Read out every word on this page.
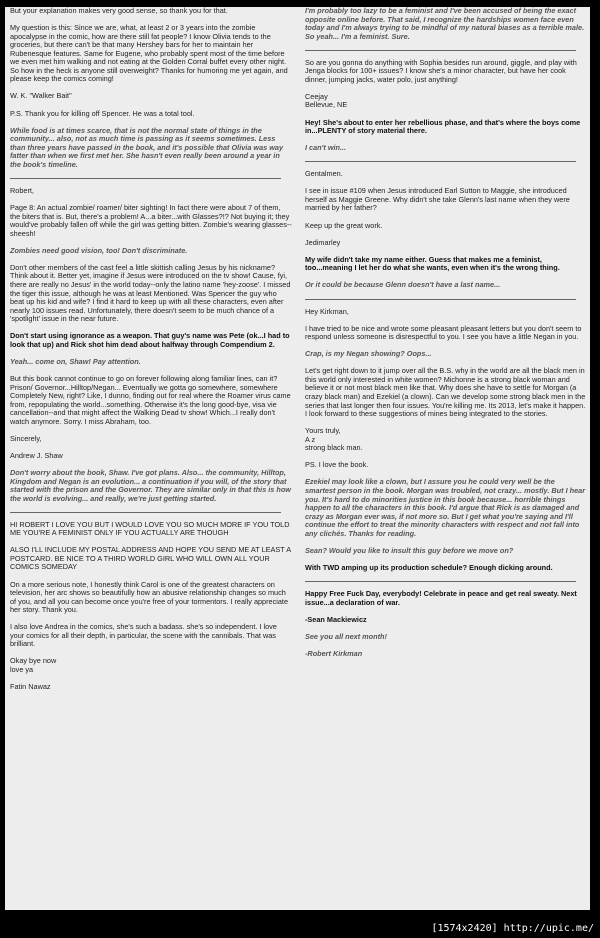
But your explanation makes very good sense, so thank you for that.
My question is this: Since we are, what, at least 2 or 3 years into the zombie apocalypse in the comic, how are there still fat people? I know Olivia tends to the groceries, but there can't be that many Hershey bars for her to maintain her Rubenesque features. Same for Eugene, who probably spent most of the time before we even met him walking and not eating at the Golden Corral buffet every other night. So how in the heck is anyone still overweight? Thanks for humoring me yet again, and please keep the comics coming!
W. K. "Walker Bait"
P.S. Thank you for killing off Spencer. He was a total tool.
While food is at times scarce, that is not the normal state of things in the community... also, not as much time is passing as it seems sometimes. Less than three years have passed in the book, and it's possible that Olivia was way fatter than when we first met her. She hasn't even really been around a year in the book's timeline.
Robert,
Page 8: An actual zombie/ roamer/ biter sighting! In fact there were about 7 of them, the biters that is. But, there's a problem! A...a biter...with Glasses?!? Not buying it; they would've probably fallen off while the girl was getting bitten. Zombie's wearing glasses--sheesh!
Zombies need good vision, too! Don't discriminate.
Don't other members of the cast feel a little skittish calling Jesus by his nickname? Think about it. Better yet, imagine if Jesus were introduced on the tv show! Cause, fyi, there are really no Jesus' in the world today--only the latino name 'hey-zoose'. I missed the tiger this issue, although he was at least Mentioned. Was Spencer the guy who beat up his kid and wife? I find it hard to keep up with all these characters, even after nearly 100 issues read. Unfortunately, there doesn't seem to be much chance of a 'spotlight' issue in the near future.
Don't start using ignorance as a weapon. That guy's name was Pete (ok...I had to look that up) and Rick shot him dead about halfway through Compendium 2.
Yeah... come on, Shaw! Pay attention.
But this book cannot continue to go on forever following along familiar lines, can it? Prison/ Governor...Hilltop/Negan... Eventually we gotta go somewhere, somewhere Completely New, right? Like, I dunno, finding out for real where the Roamer virus came from, repopulating the world...something. Otherwise it's the long good-bye, visa vie cancellation--and that might affect the Walking Dead tv show! Which...I really don't watch anymore. Sorry. I miss Abraham, too.
Sincerely,
Andrew J. Shaw
Don't worry about the book, Shaw. I've got plans. Also... the community, Hilltop, Kingdom and Negan is an evolution... a continuation if you will, of the story that started with the prison and the Governor. They are similar only in that this is how the world is evolving... and really, we're just getting started.
HI ROBERT I LOVE YOU BUT I WOULD LOVE YOU SO MUCH MORE IF YOU TOLD ME YOU'RE A FEMINIST ONLY IF YOU ACTUALLY ARE THOUGH
ALSO I'LL INCLUDE MY POSTAL ADDRESS AND HOPE YOU SEND ME AT LEAST A POSTCARD. BE NICE TO A THIRD WORLD GIRL WHO WILL OWN ALL YOUR COMICS SOMEDAY
On a more serious note, I honestly think Carol is one of the greatest characters on television, her arc shows so beautifully how an abusive relationship changes so much of you, and all you can become once you're free of your tormentors. I really appreciate her story. Thank you.
I also love Andrea in the comics, she's such a badass. she's so independent. I love your comics for all their depth, in particular, the scene with the cannibals. That was brilliant.
Okay bye now
love ya
Fatin Nawaz
I'm probably too lazy to be a feminist and I've been accused of being the exact opposite online before. That said, I recognize the hardships women face even today and I'm always trying to be mindful of my natural biases as a terrible male. So yeah... I'm a feminist. Sure.
So are you gonna do anything with Sophia besides run around, giggle, and play with Jenga blocks for 100+ issues? I know she's a minor character, but have her cook dinner, jumping jacks, water polo, just anything!
Ceejay
Bellevue, NE
Hey! She's about to enter her rebellious phase, and that's where the boys come in...PLENTY of story material there.
I can't win...
Gentalmen.
I see in issue #109 when Jesus introduced Earl Sutton to Maggie, she introduced herself as Maggie Greene. Why didn't she take Glenn's last name when they were married by her father?
Keep up the great work.
Jedimarley
My wife didn't take my name either. Guess that makes me a feminist, too...meaning I let her do what she wants, even when it's the wrong thing.
Or it could be because Glenn doesn't have a last name...
Hey Kirkman,
I have tried to be nice and wrote some pleasant pleasant letters but you don't seem to respond unless someone is disrespectful to you. I see you have a little Negan in you.
Crap, is my Negan showing? Oops...
Let's get right down to it jump over all the B.S. why in the world are all the black men in this world only interested in white women? Michonne is a strong black woman and believe it or not most black men like that. Why does she have to settle for Morgan (a crazy black man) and Ezekiel (a clown). Can we develop some strong black men in the series that last longer then four issues. You're killing me. Its 2013, let's make it happen. I look forward to these suggestions of mines being integrated to the stories.
Yours truly,
A z
strong black man.
PS. I love the book.
Ezekiel may look like a clown, but I assure you he could very well be the smartest person in the book. Morgan was troubled, not crazy... mostly. But I hear you. It's hard to do minorities justice in this book because... horrible things happen to all the characters in this book. I'd argue that Rick is as damaged and crazy as Morgan ever was, if not more so. But I get what you're saying and I'll continue the effort to treat the minority characters with respect and not fall into any clichés. Thanks for reading.
Sean? Would you like to insult this guy before we move on?
With TWD amping up its production schedule? Enough dicking around.
Happy Free Fuck Day, everybody! Celebrate in peace and get real sweaty. Next issue...a declaration of war.
-Sean Mackiewicz
See you all next month!
-Robert Kirkman
[1574x2420] http://upic.me/
